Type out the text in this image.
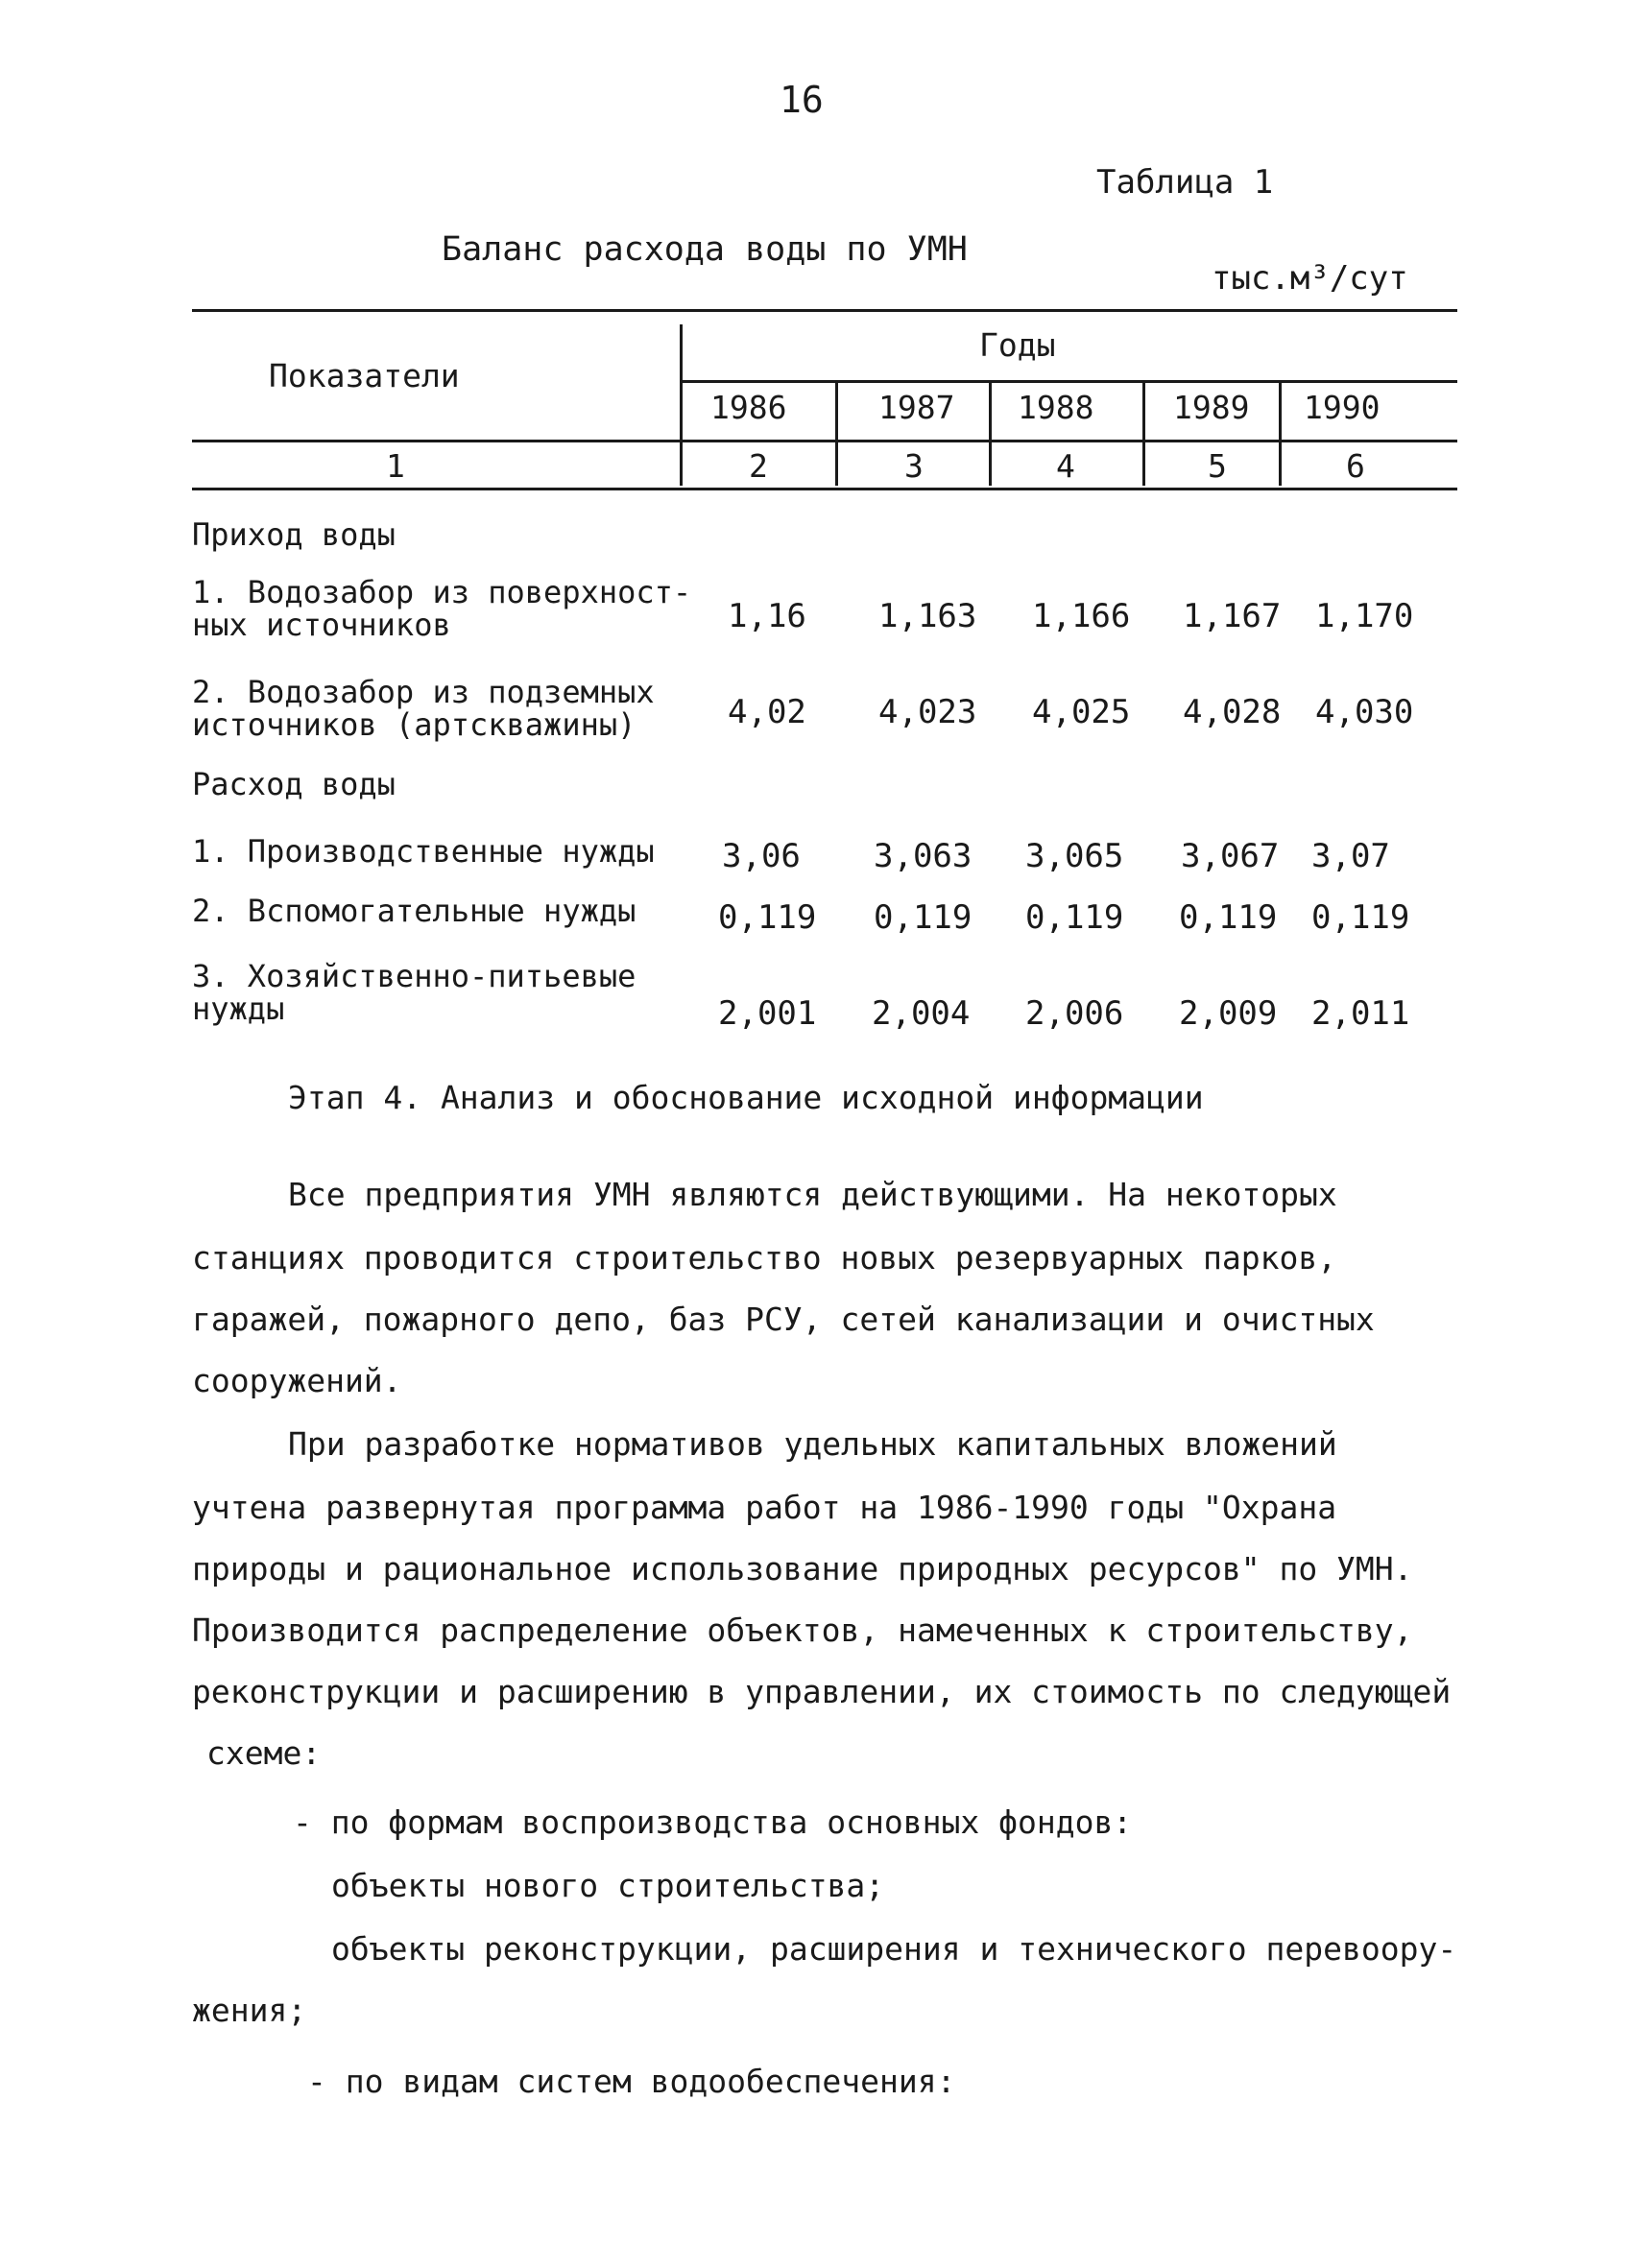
16
Таблица 1
Баланс расхода воды по УМН
тыс.м³/сут
Показатели
Годы
1986	1987 1988	1989 1990
1	2	3	4	5	6
Приход воды
1. Водозабор из поверхност-
ных источников	1,16 1,163 1,166 1,167 1,170
2. Водозабор из подземных
источников (артскважины)	4,02 4,023 4,025 4,028 4,030
Расход воды
1. Производственные нужды 3,06 3,063 3,065 3,067 3,07
2. Вспомогательные нужды	0,119 0,119 0,119 0,119 0,119
3. Хозяйственно-питьевые
нужды	2,001 2,004 2,006 2,009 2,011
Этап 4. Анализ и обоснование исходной информации
Все предприятия УМН являются действующими. На некоторых
станциях проводится строительство новых резервуарных парков,
гаражей, пожарного депо, баз РСУ, сетей канализации и очистных
сооружений.
При разработке нормативов удельных капитальных вложений
учтена развернутая программа работ на 1986-1990 годы "Охрана
природы и рациональное использование природных ресурсов" по УМН.
Производится распределение объектов, намеченных к строительству,
реконструкции и расширению в управлении, их стоимость по следующей
схеме:
- по формам воспроизводства основных фондов:
объекты нового строительства;
объекты реконструкции, расширения и технического перевоору-
жения;
- по видам систем водообеспечения:
